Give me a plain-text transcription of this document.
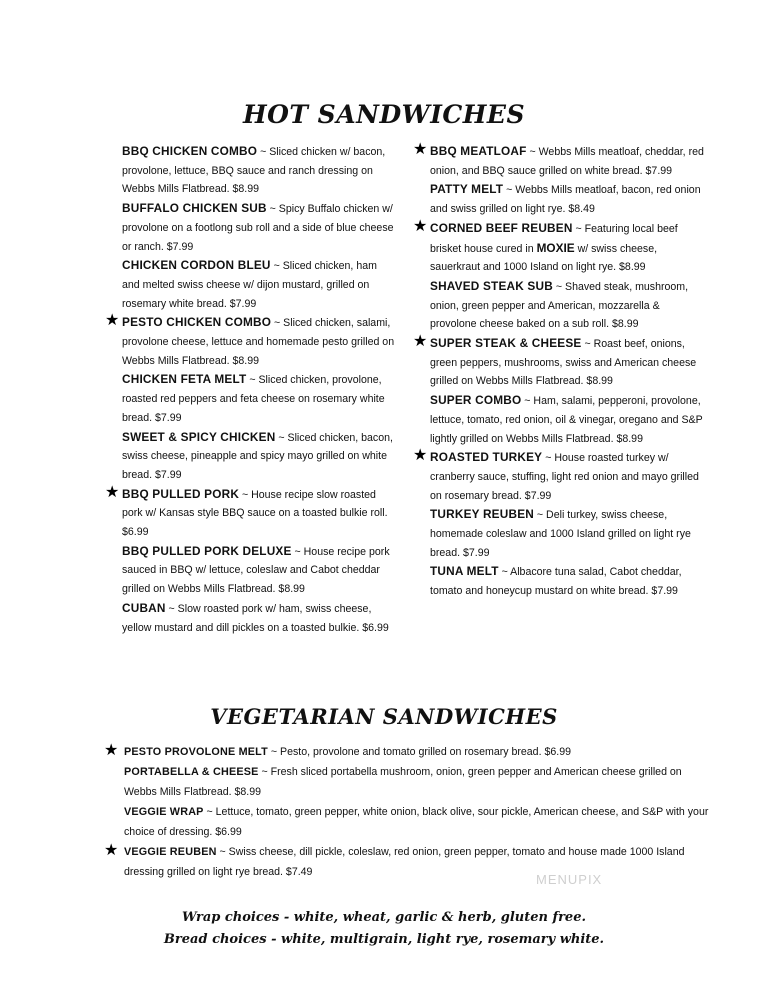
HOT SANDWICHES
BBQ CHICKEN COMBO ~ Sliced chicken w/ bacon, provolone, lettuce, BBQ sauce and ranch dressing on Webbs Mills Flatbread. $8.99
BUFFALO CHICKEN SUB ~ Spicy Buffalo chicken w/ provolone on a footlong sub roll and a side of blue cheese or ranch. $7.99
CHICKEN CORDON BLEU ~ Sliced chicken, ham and melted swiss cheese w/ dijon mustard, grilled on rosemary white bread. $7.99
★ PESTO CHICKEN COMBO ~ Sliced chicken, salami, provolone cheese, lettuce and homemade pesto grilled on Webbs Mills Flatbread. $8.99
CHICKEN FETA MELT ~ Sliced chicken, provolone, roasted red peppers and feta cheese on rosemary white bread. $7.99
SWEET & SPICY CHICKEN ~ Sliced chicken, bacon, swiss cheese, pineapple and spicy mayo grilled on white bread. $7.99
★ BBQ PULLED PORK ~ House recipe slow roasted pork w/ Kansas style BBQ sauce on a toasted bulkie roll. $6.99
BBQ PULLED PORK DELUXE ~ House recipe pork sauced in BBQ w/ lettuce, coleslaw and Cabot cheddar grilled on Webbs Mills Flatbread. $8.99
CUBAN ~ Slow roasted pork w/ ham, swiss cheese, yellow mustard and dill pickles on a toasted bulkie. $6.99
★ BBQ MEATLOAF ~ Webbs Mills meatloaf, cheddar, red onion, and BBQ sauce grilled on white bread. $7.99
PATTY MELT ~ Webbs Mills meatloaf, bacon, red onion and swiss grilled on light rye. $8.49
★ CORNED BEEF REUBEN ~ Featuring local beef brisket house cured in MOXIE w/ swiss cheese, sauerkraut and 1000 Island on light rye. $8.99
SHAVED STEAK SUB ~ Shaved steak, mushroom, onion, green pepper and American, mozzarella & provolone cheese baked on a sub roll. $8.99
★ SUPER STEAK & CHEESE ~ Roast beef, onions, green peppers, mushrooms, swiss and American cheese grilled on Webbs Mills Flatbread. $8.99
SUPER COMBO ~ Ham, salami, pepperoni, provolone, lettuce, tomato, red onion, oil & vinegar, oregano and S&P lightly grilled on Webbs Mills Flatbread. $8.99
★ ROASTED TURKEY ~ House roasted turkey w/ cranberry sauce, stuffing, light red onion and mayo grilled on rosemary bread. $7.99
TURKEY REUBEN ~ Deli turkey, swiss cheese, homemade coleslaw and 1000 Island grilled on light rye bread. $7.99
TUNA MELT ~ Albacore tuna salad, Cabot cheddar, tomato and honeycup mustard on white bread. $7.99
VEGETARIAN SANDWICHES
★ PESTO PROVOLONE MELT ~ Pesto, provolone and tomato grilled on rosemary bread. $6.99
PORTABELLA & CHEESE ~ Fresh sliced portabella mushroom, onion, green pepper and American cheese grilled on Webbs Mills Flatbread. $8.99
VEGGIE WRAP ~ Lettuce, tomato, green pepper, white onion, black olive, sour pickle, American cheese, and S&P with your choice of dressing. $6.99
★ VEGGIE REUBEN ~ Swiss cheese, dill pickle, coleslaw, red onion, green pepper, tomato and house made 1000 Island dressing grilled on light rye bread. $7.49
Wrap choices - white, wheat, garlic & herb, gluten free.
Bread choices - white, multigrain, light rye, rosemary white.
MENUPIX
